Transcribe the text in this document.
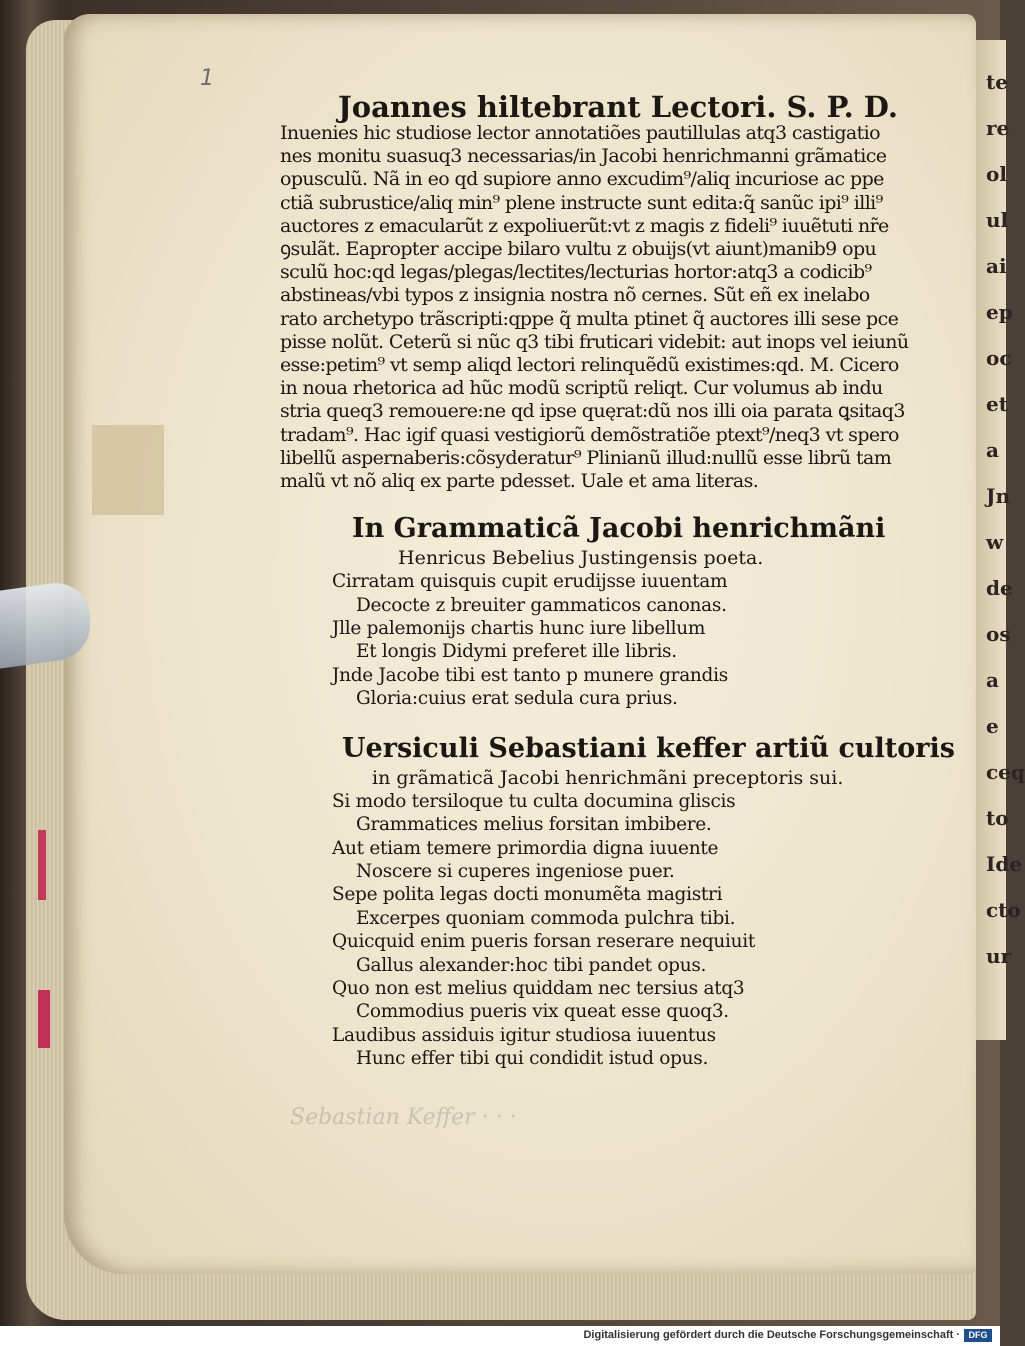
te
re
ol
ul
ai
ep
oc
et
a
Jn
w
de
os
a
e
ceq
to
Ide
cto
ur
1
Joannes hiltebrant Lectori. S. P. D.
Inuenies hic studiose lector annotatiões pautillulas atq3 castigatio
nes monitu suasuq3 necessarias/in Jacobi henrichmanni grãmatice
opusculũ. Nã in eo qd supiore anno excudim⁹/aliq incuriose ac ppe
ctiã subrustice/aliq min⁹ plene instructe sunt edita:q̃ sanũc ipi⁹ illi⁹
auctores z emacularũt z expoliuerũt:vt z magis z fideli⁹ iuuẽtuti nr̃e
ꝯsulãt. Eapropter accipe bilaro vultu z obuijs(vt aiunt)manib9 opu
sculũ hoc:qd legas/plegas/lectites/lecturias hortor:atq3 a codicib⁹
abstineas/vbi typos z insignia nostra nõ cernes. Sũt eñ ex inelabo
rato archetypo trãscripti:qppe q̃ multa ptinet q̃ auctores illi sese pce
pisse nolũt. Ceterũ si nũc q3 tibi fruticari videbit: aut inops vel ieiunũ
esse:petim⁹ vt semp aliqd lectori relinquẽdũ existimes:qd. M. Cicero
in noua rhetorica ad hũc modũ scriptũ reliqt. Cur volumus ab indu
stria queq3 remouere:ne qd ipse quęrat:dũ nos illi oia parata ꝗsitaq3
tradam⁹. Hac igif quasi vestigiorũ demõstratiõe ptext⁹/neq3 vt spero
libellũ aspernaberis:cõsyderatur⁹ Plinianũ illud:nullũ esse librũ tam
malũ vt nõ aliq ex parte pdesset. Uale et ama literas.
In Grammaticã Jacobi henrichmãni
Henricus Bebelius Justingensis poeta.
Cirratam quisquis cupit erudijsse iuuentam
Decocte z breuiter gammaticos canonas.
Jlle palemonijs chartis hunc iure libellum
Et longis Didymi preferet ille libris.
Jnde Jacobe tibi est tanto p munere grandis
Gloria:cuius erat sedula cura prius.
Uersiculi Sebastiani keffer artiũ cultoris
in grãmaticã Jacobi henrichmãni preceptoris sui.
Si modo tersiloque tu culta documina gliscis
Grammatices melius forsitan imbibere.
Aut etiam temere primordia digna iuuente
Noscere si cuperes ingeniose puer.
Sepe polita legas docti monumẽta magistri
Excerpes quoniam commoda pulchra tibi.
Quicquid enim pueris forsan reserare nequiuit
Gallus alexander:hoc tibi pandet opus.
Quo non est melius quiddam nec tersius atq3
Commodius pueris vix queat esse quoq3.
Laudibus assiduis igitur studiosa iuuentus
Hunc effer tibi qui condidit istud opus.
Sebastian Keffer · · ·
Digitalisierung gefördert durch die Deutsche Forschungsgemeinschaft · DFG
